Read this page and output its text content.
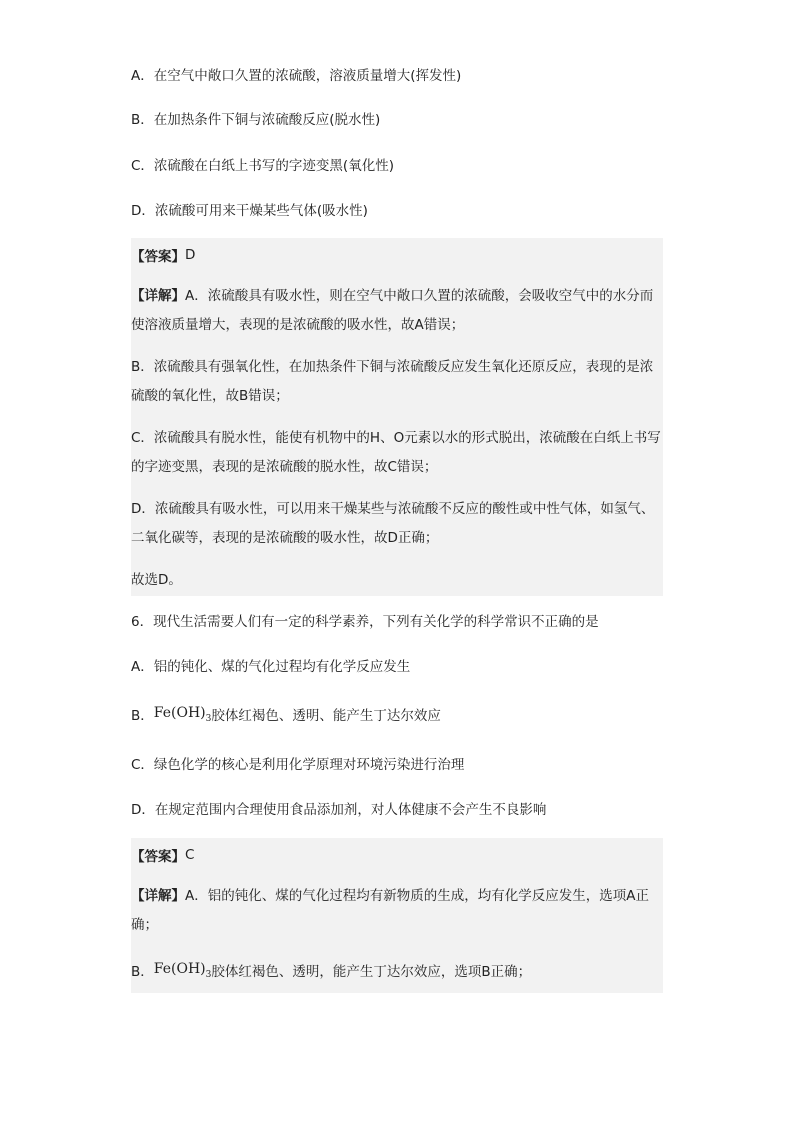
A．在空气中敞口久置的浓硫酸，溶液质量增大(挥发性)
B．在加热条件下铜与浓硫酸反应(脱水性)
C．浓硫酸在白纸上书写的字迹变黑(氧化性)
D．浓硫酸可用来干燥某些气体(吸水性)
【答案】 D
【详解】A．浓硫酸具有吸水性，则在空气中敞口久置的浓硫酸，会吸收空气中的水分而使溶液质量增大，表现的是浓硫酸的吸水性，故A错误；
B．浓硫酸具有强氧化性，在加热条件下铜与浓硫酸反应发生氧化还原反应，表现的是浓硫酸的氧化性，故B错误；
C．浓硫酸具有脱水性，能使有机物中的H、O元素以水的形式脱出，浓硫酸在白纸上书写的字迹变黑，表现的是浓硫酸的脱水性，故C错误；
D．浓硫酸具有吸水性，可以用来干燥某些与浓硫酸不反应的酸性或中性气体，如氢气、二氧化碳等，表现的是浓硫酸的吸水性，故D正确；
故选D。
6．现代生活需要人们有一定的科学素养，下列有关化学的科学常识不正确的是
A．铝的钝化、煤的气化过程均有化学反应发生
B． $Fe(OH)_3$ 胶体红褐色、透明、能产生丁达尔效应
C．绿色化学的核心是利用化学原理对环境污染进行治理
D．在规定范围内合理使用食品添加剂，对人体健康不会产生不良影响
【答案】 C
【详解】A．铝的钝化、煤的气化过程均有新物质的生成，均有化学反应发生，选项A正确；
B． $Fe(OH)_3$ 胶体红褐色、透明，能产生丁达尔效应，选项B正确；
